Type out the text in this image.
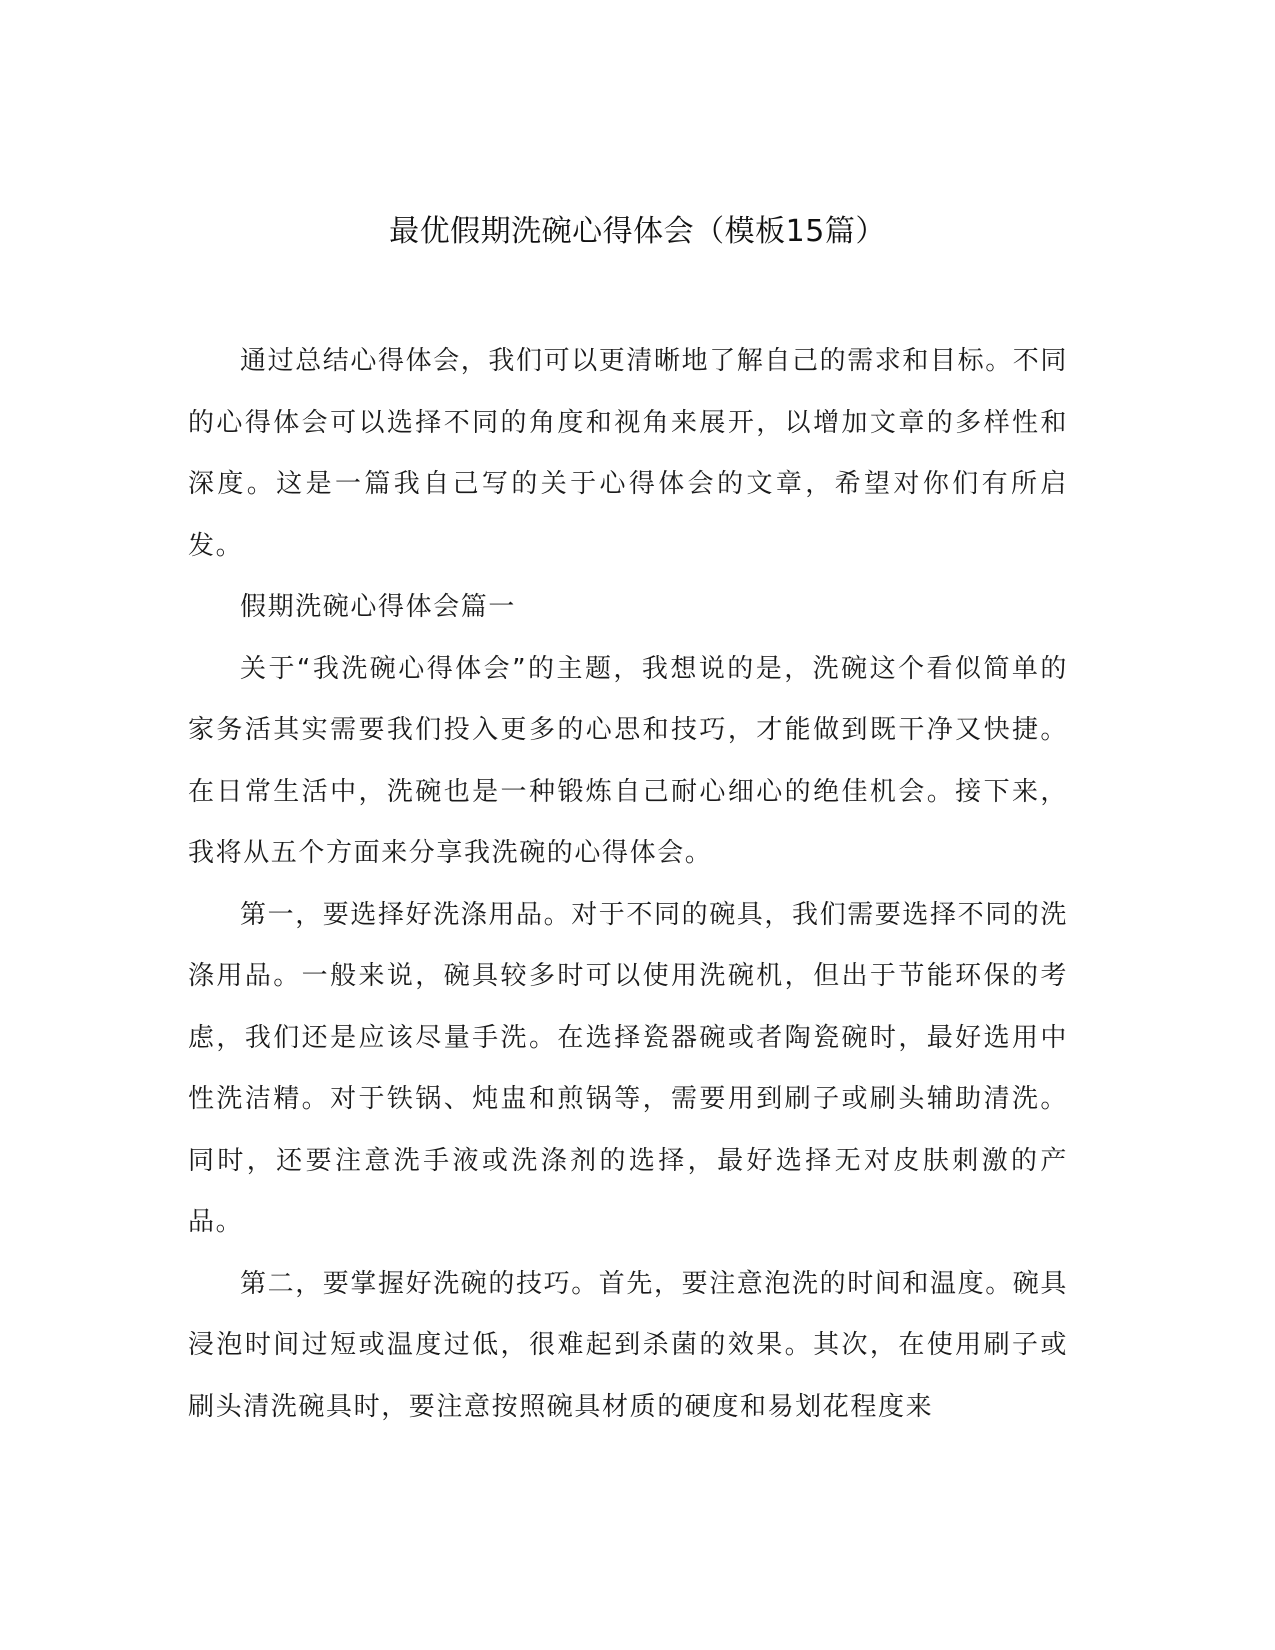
最优假期洗碗心得体会（模板15篇）

通过总结心得体会，我们可以更清晰地了解自己的需求和目标。不同的心得体会可以选择不同的角度和视角来展开，以增加文章的多样性和深度。这是一篇我自己写的关于心得体会的文章，希望对你们有所启发。

假期洗碗心得体会篇一

关于“我洗碗心得体会”的主题，我想说的是，洗碗这个看似简单的家务活其实需要我们投入更多的心思和技巧，才能做到既干净又快捷。在日常生活中，洗碗也是一种锻炼自己耐心细心的绝佳机会。接下来，我将从五个方面来分享我洗碗的心得体会。

第一，要选择好洗涤用品。对于不同的碗具，我们需要选择不同的洗涤用品。一般来说，碗具较多时可以使用洗碗机，但出于节能环保的考虑，我们还是应该尽量手洗。在选择瓷器碗或者陶瓷碗时，最好选用中性洗洁精。对于铁锅、炖盅和煎锅等，需要用到刷子或刷头辅助清洗。同时，还要注意洗手液或洗涤剂的选择，最好选择无对皮肤刺激的产品。

第二，要掌握好洗碗的技巧。首先，要注意泡洗的时间和温度。碗具浸泡时间过短或温度过低，很难起到杀菌的效果。其次，在使用刷子或刷头清洗碗具时，要注意按照碗具材质的硬度和易划花程度来
